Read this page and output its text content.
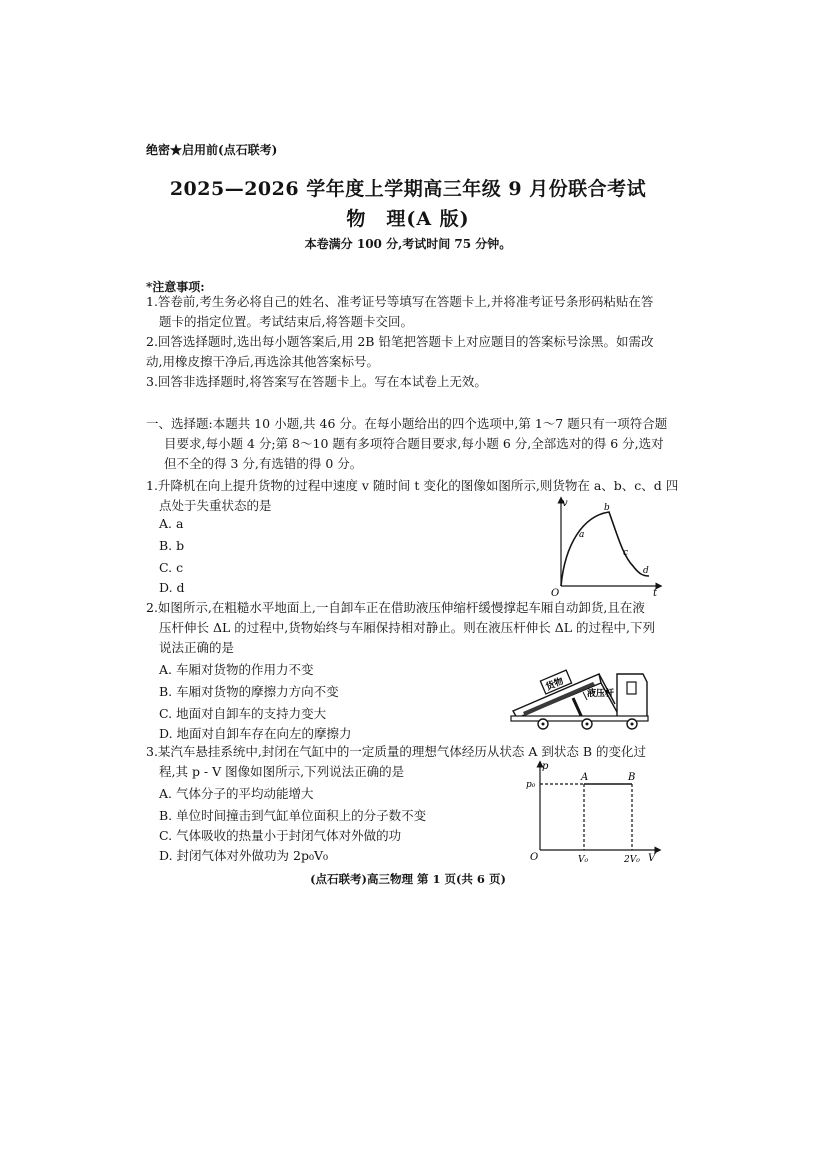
绝密★启用前(点石联考)
2025—2026 学年度上学期高三年级 9 月份联合考试
物　理(A 版)
本卷满分 100 分,考试时间 75 分钟。
*注意事项:
1.答卷前,考生务必将自己的姓名、准考证号等填写在答题卡上,并将准考证号条形码粘贴在答
题卡的指定位置。考试结束后,将答题卡交回。
2.回答选择题时,选出每小题答案后,用 2B 铅笔把答题卡上对应题目的答案标号涂黑。如需改
动,用橡皮擦干净后,再选涂其他答案标号。
3.回答非选择题时,将答案写在答题卡上。写在本试卷上无效。
一、选择题:本题共 10 小题,共 46 分。在每小题给出的四个选项中,第 1～7 题只有一项符合题
目要求,每小题 4 分;第 8～10 题有多项符合题目要求,每小题 6 分,全部选对的得 6 分,选对
但不全的得 3 分,有选错的得 0 分。
1.升降机在向上提升货物的过程中速度 v 随时间 t 变化的图像如图所示,则货物在 a、b、c、d 四
点处于失重状态的是
A. a
B. b
C. c
D. d
v
t
O
a
b
c
d
2.如图所示,在粗糙水平地面上,一自卸车正在借助液压伸缩杆缓慢撑起车厢自动卸货,且在液
压杆伸长 ΔL 的过程中,货物始终与车厢保持相对静止。则在液压杆伸长 ΔL 的过程中,下列
说法正确的是
A. 车厢对货物的作用力不变
B. 车厢对货物的摩擦力方向不变
C. 地面对自卸车的支持力变大
D. 地面对自卸车存在向左的摩擦力
货物
液压杆
3.某汽车悬挂系统中,封闭在气缸中的一定质量的理想气体经历从状态 A 到状态 B 的变化过
程,其 p - V 图像如图所示,下列说法正确的是
A. 气体分子的平均动能增大
B. 单位时间撞击到气缸单位面积上的分子数不变
C. 气体吸收的热量小于封闭气体对外做的功
D. 封闭气体对外做功为 2p₀V₀
p
p₀
A	B
O	V₀	2V₀ V
(点石联考)高三物理 第 1 页(共 6 页)
